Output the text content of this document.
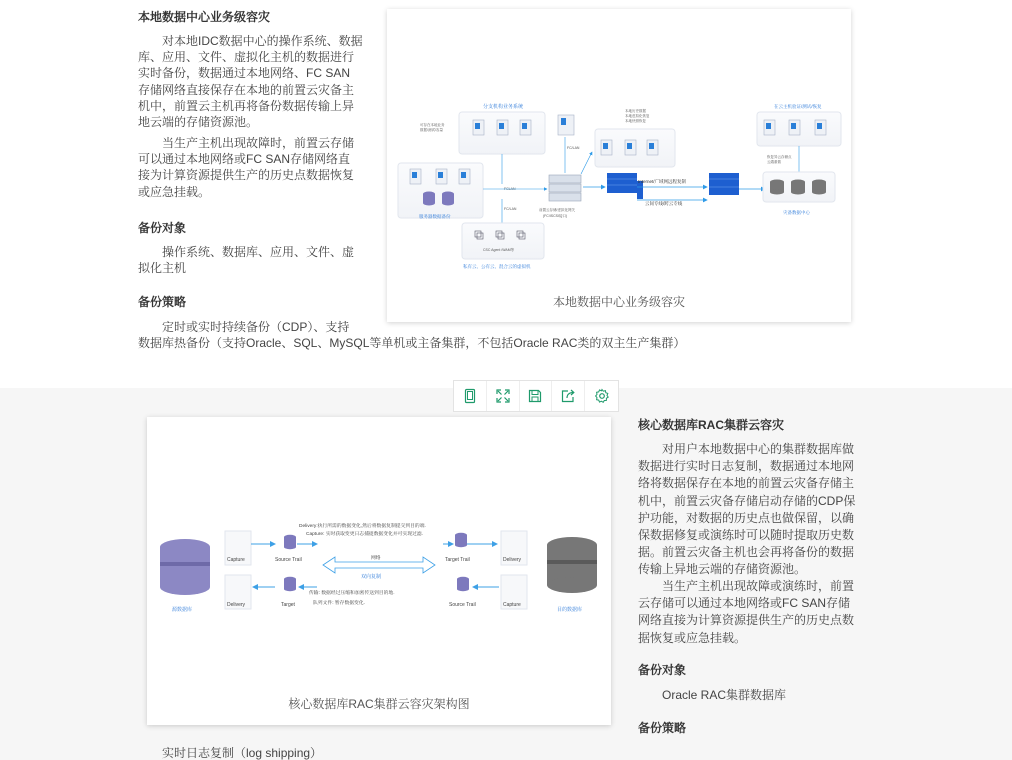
本地数据中心业务级容灾
对本地IDC数据中心的操作系统、数据
库、应用、文件、虚拟化主机的数据进行
实时备份，数据通过本地网络、FC SAN
存储网络直接保存在本地的前置云灾备主
机中，前置云主机再将备份数据传输上异
地云端的存储资源池。
当生产主机出现故障时，前置云存储
可以通过本地网络或FC SAN存储网络直
接为计算资源提供生产的历史点数据恢复
或应急挂载。
备份对象
操作系统、数据库、应用、文件、虚
拟化主机
备份策略
定时或实时持续备份（CDP）、支持
数据库热备份（支持Oracle、SQL、MySQL等单机或主备集群，不包括Oracle RAC类的双主生产集群）
分支机构业务系统
可存在本地业务
数据/测试/容量
服务器数据备份
FC/LAN
FCLAN
FC/LAN	前置云存储/虚拟化网关
(FC/ISCSI接口)
本地历史数据
本地虚拟化恢复
本地快照恢复
Internet/广域网远程复制
云间专线/跨云专线
在云主机验证/测试/恢复
恢复异云存储点
云端重做
灾备数据中心
CSC Agent /WAM等
私有云、公有云、混合云的虚拟机
本地数据中心业务级容灾
核心数据库RAC集群云容灾
对用户本地数据中心的集群数据库做
数据进行实时日志复制，数据通过本地网
络将数据保存在本地的前置云灾备存储主
机中，前置云灾备存储启动存储的CDP保
护功能，对数据的历史点也做保留，以确
保数据修复或演练时可以随时提取历史数
据。前置云灾备主机也会再将备份的数据
传输上异地云端的存储资源池。
当生产主机出现故障或演练时，前置
云存储可以通过本地网络或FC SAN存储
网络直接为计算资源提供生产的历史点数
据恢复或应急挂载。
备份对象
Oracle RAC集群数据库
备份策略
实时日志复制（log shipping）
Delivery:执行所需的数据变化,然后将数据复制提交到目的端.
Capture: 实时获取变更日志捕捉数据变化并可实现过滤.
源数据库	目的数据库
Capture
Delivery
Source Trail
Target
网络
双向复制
Target Trail
Source Trail
Delivery
Capture
传输: 数据经过压缩和加密传送到目的地.
队列文件: 暂存数据变化.
核心数据库RAC集群云容灾架构图
